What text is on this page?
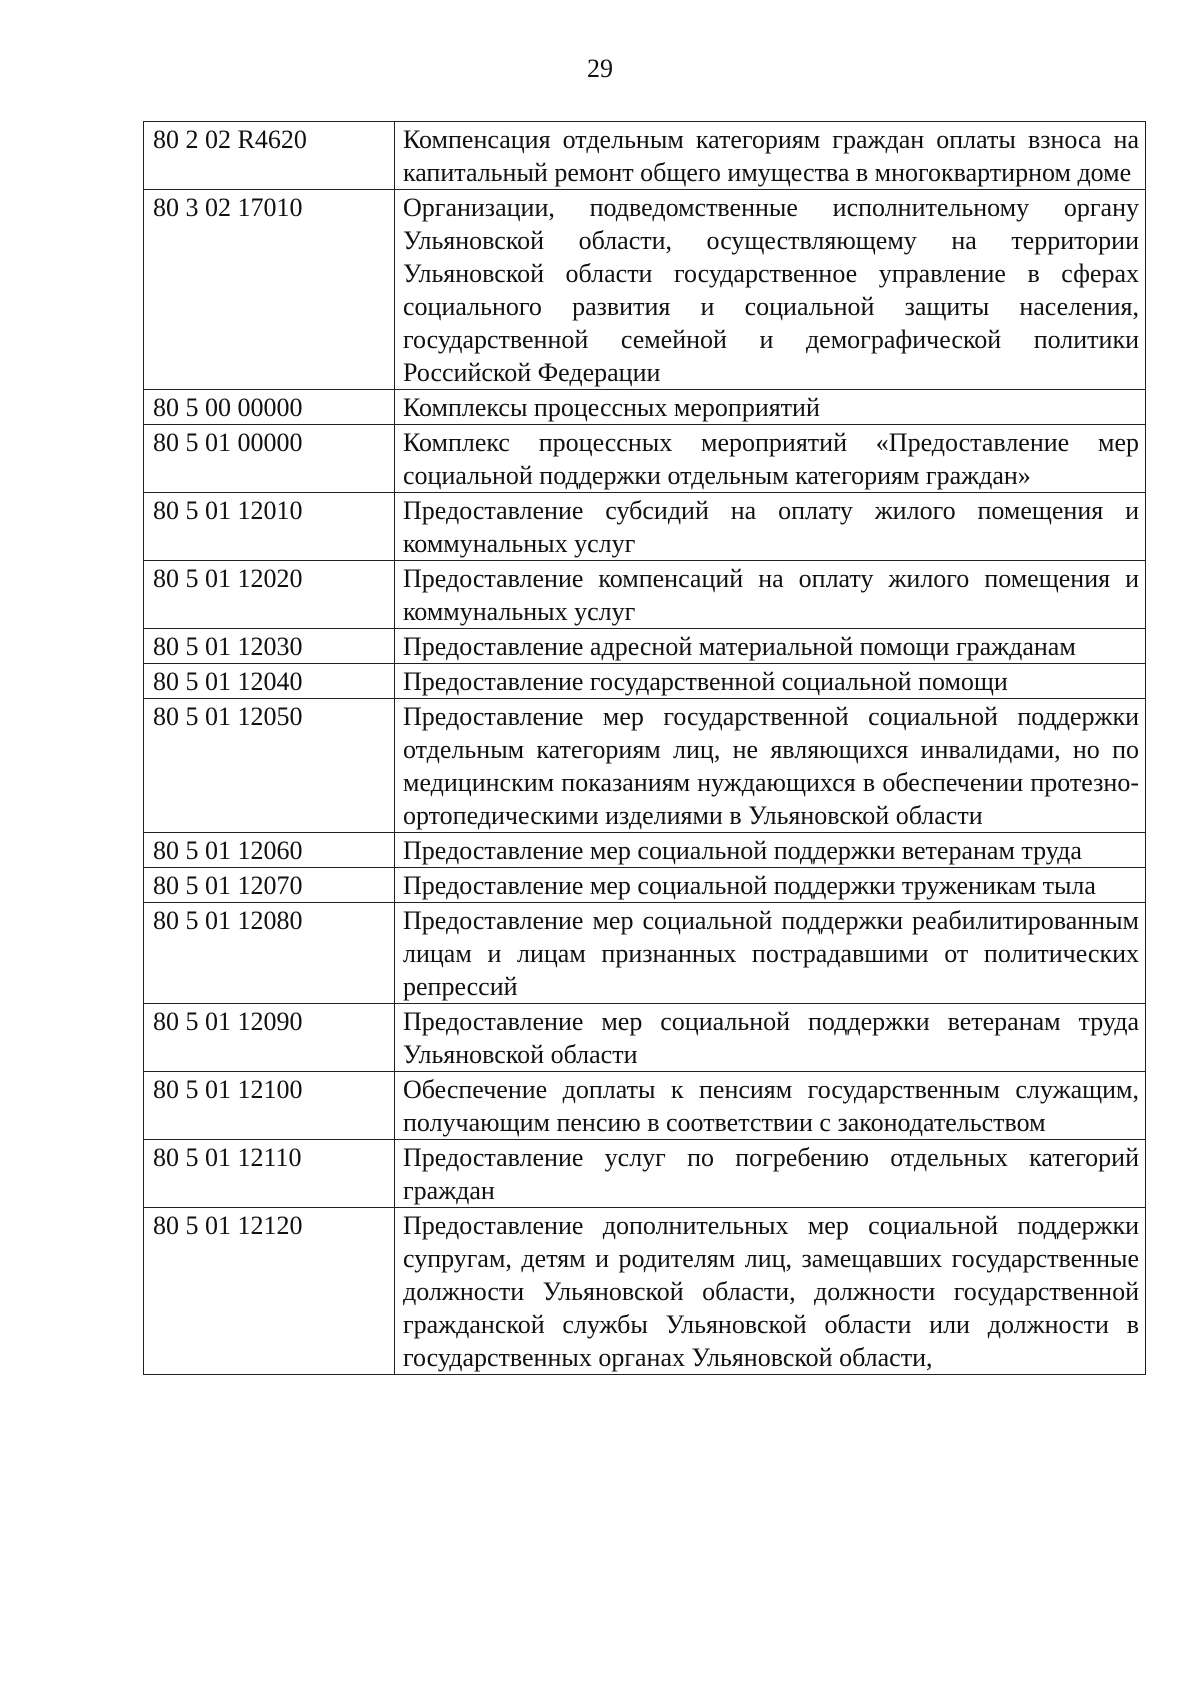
29
80 2 02 R4620	Компенсация отдельным категориям граждан оплаты взноса на капитальный ремонт общего имущества в многоквартирном доме
80 3 02 17010	Организации, подведомственные исполнительному органу Ульяновской области, осуществляющему на территории Ульяновской области государственное управление в сферах социального развития и социальной защиты населения, государственной семейной и демографической политики Российской Федерации
80 5 00 00000	Комплексы процессных мероприятий
80 5 01 00000	Комплекс процессных мероприятий «Предоставление мер социальной поддержки отдельным категориям граждан»
80 5 01 12010	Предоставление субсидий на оплату жилого помещения и коммунальных услуг
80 5 01 12020	Предоставление компенсаций на оплату жилого помещения и коммунальных услуг
80 5 01 12030	Предоставление адресной материальной помощи гражданам
80 5 01 12040	Предоставление государственной социальной помощи
80 5 01 12050	Предоставление мер государственной социальной поддержки отдельным категориям лиц, не являющихся инвалидами, но по медицинским показаниям нуждающихся в обеспечении протезно-ортопедическими изделиями в Ульяновской области
80 5 01 12060	Предоставление мер социальной поддержки ветеранам труда
80 5 01 12070	Предоставление мер социальной поддержки труженикам тыла
80 5 01 12080	Предоставление мер социальной поддержки реабилитированным лицам и лицам признанных пострадавшими от политических репрессий
80 5 01 12090	Предоставление мер социальной поддержки ветеранам труда Ульяновской области
80 5 01 12100	Обеспечение доплаты к пенсиям государственным служащим, получающим пенсию в соответствии с законодательством
80 5 01 12110	Предоставление услуг по погребению отдельных категорий граждан
80 5 01 12120	Предоставление дополнительных мер социальной поддержки супругам, детям и родителям лиц, замещавших государственные должности Ульяновской области, должности государственной гражданской службы Ульяновской области или должности в государственных органах Ульяновской области,
